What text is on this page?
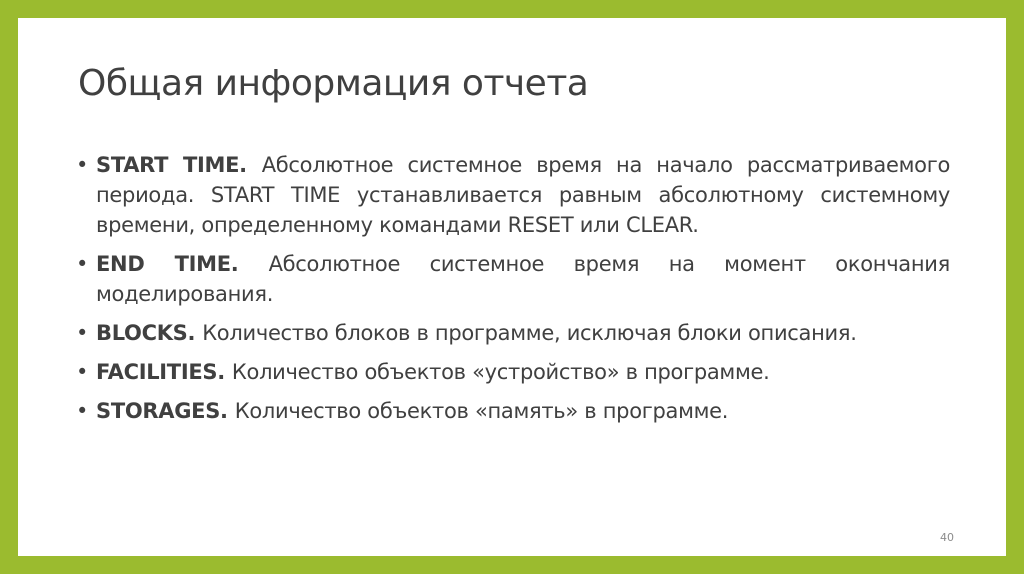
Общая информация отчета
• START TIME. Абсолютное системное время на начало рассматриваемого периода. START TIME устанавливается равным абсолютному системному времени, определенному командами RESET или CLEAR.
• END TIME. Абсолютное системное время на момент окончания моделирования.
• BLOCKS. Количество блоков в программе, исключая блоки описания.
• FACILITIES. Количество объектов «устройство» в программе.
• STORAGES. Количество объектов «память» в программе.
40
